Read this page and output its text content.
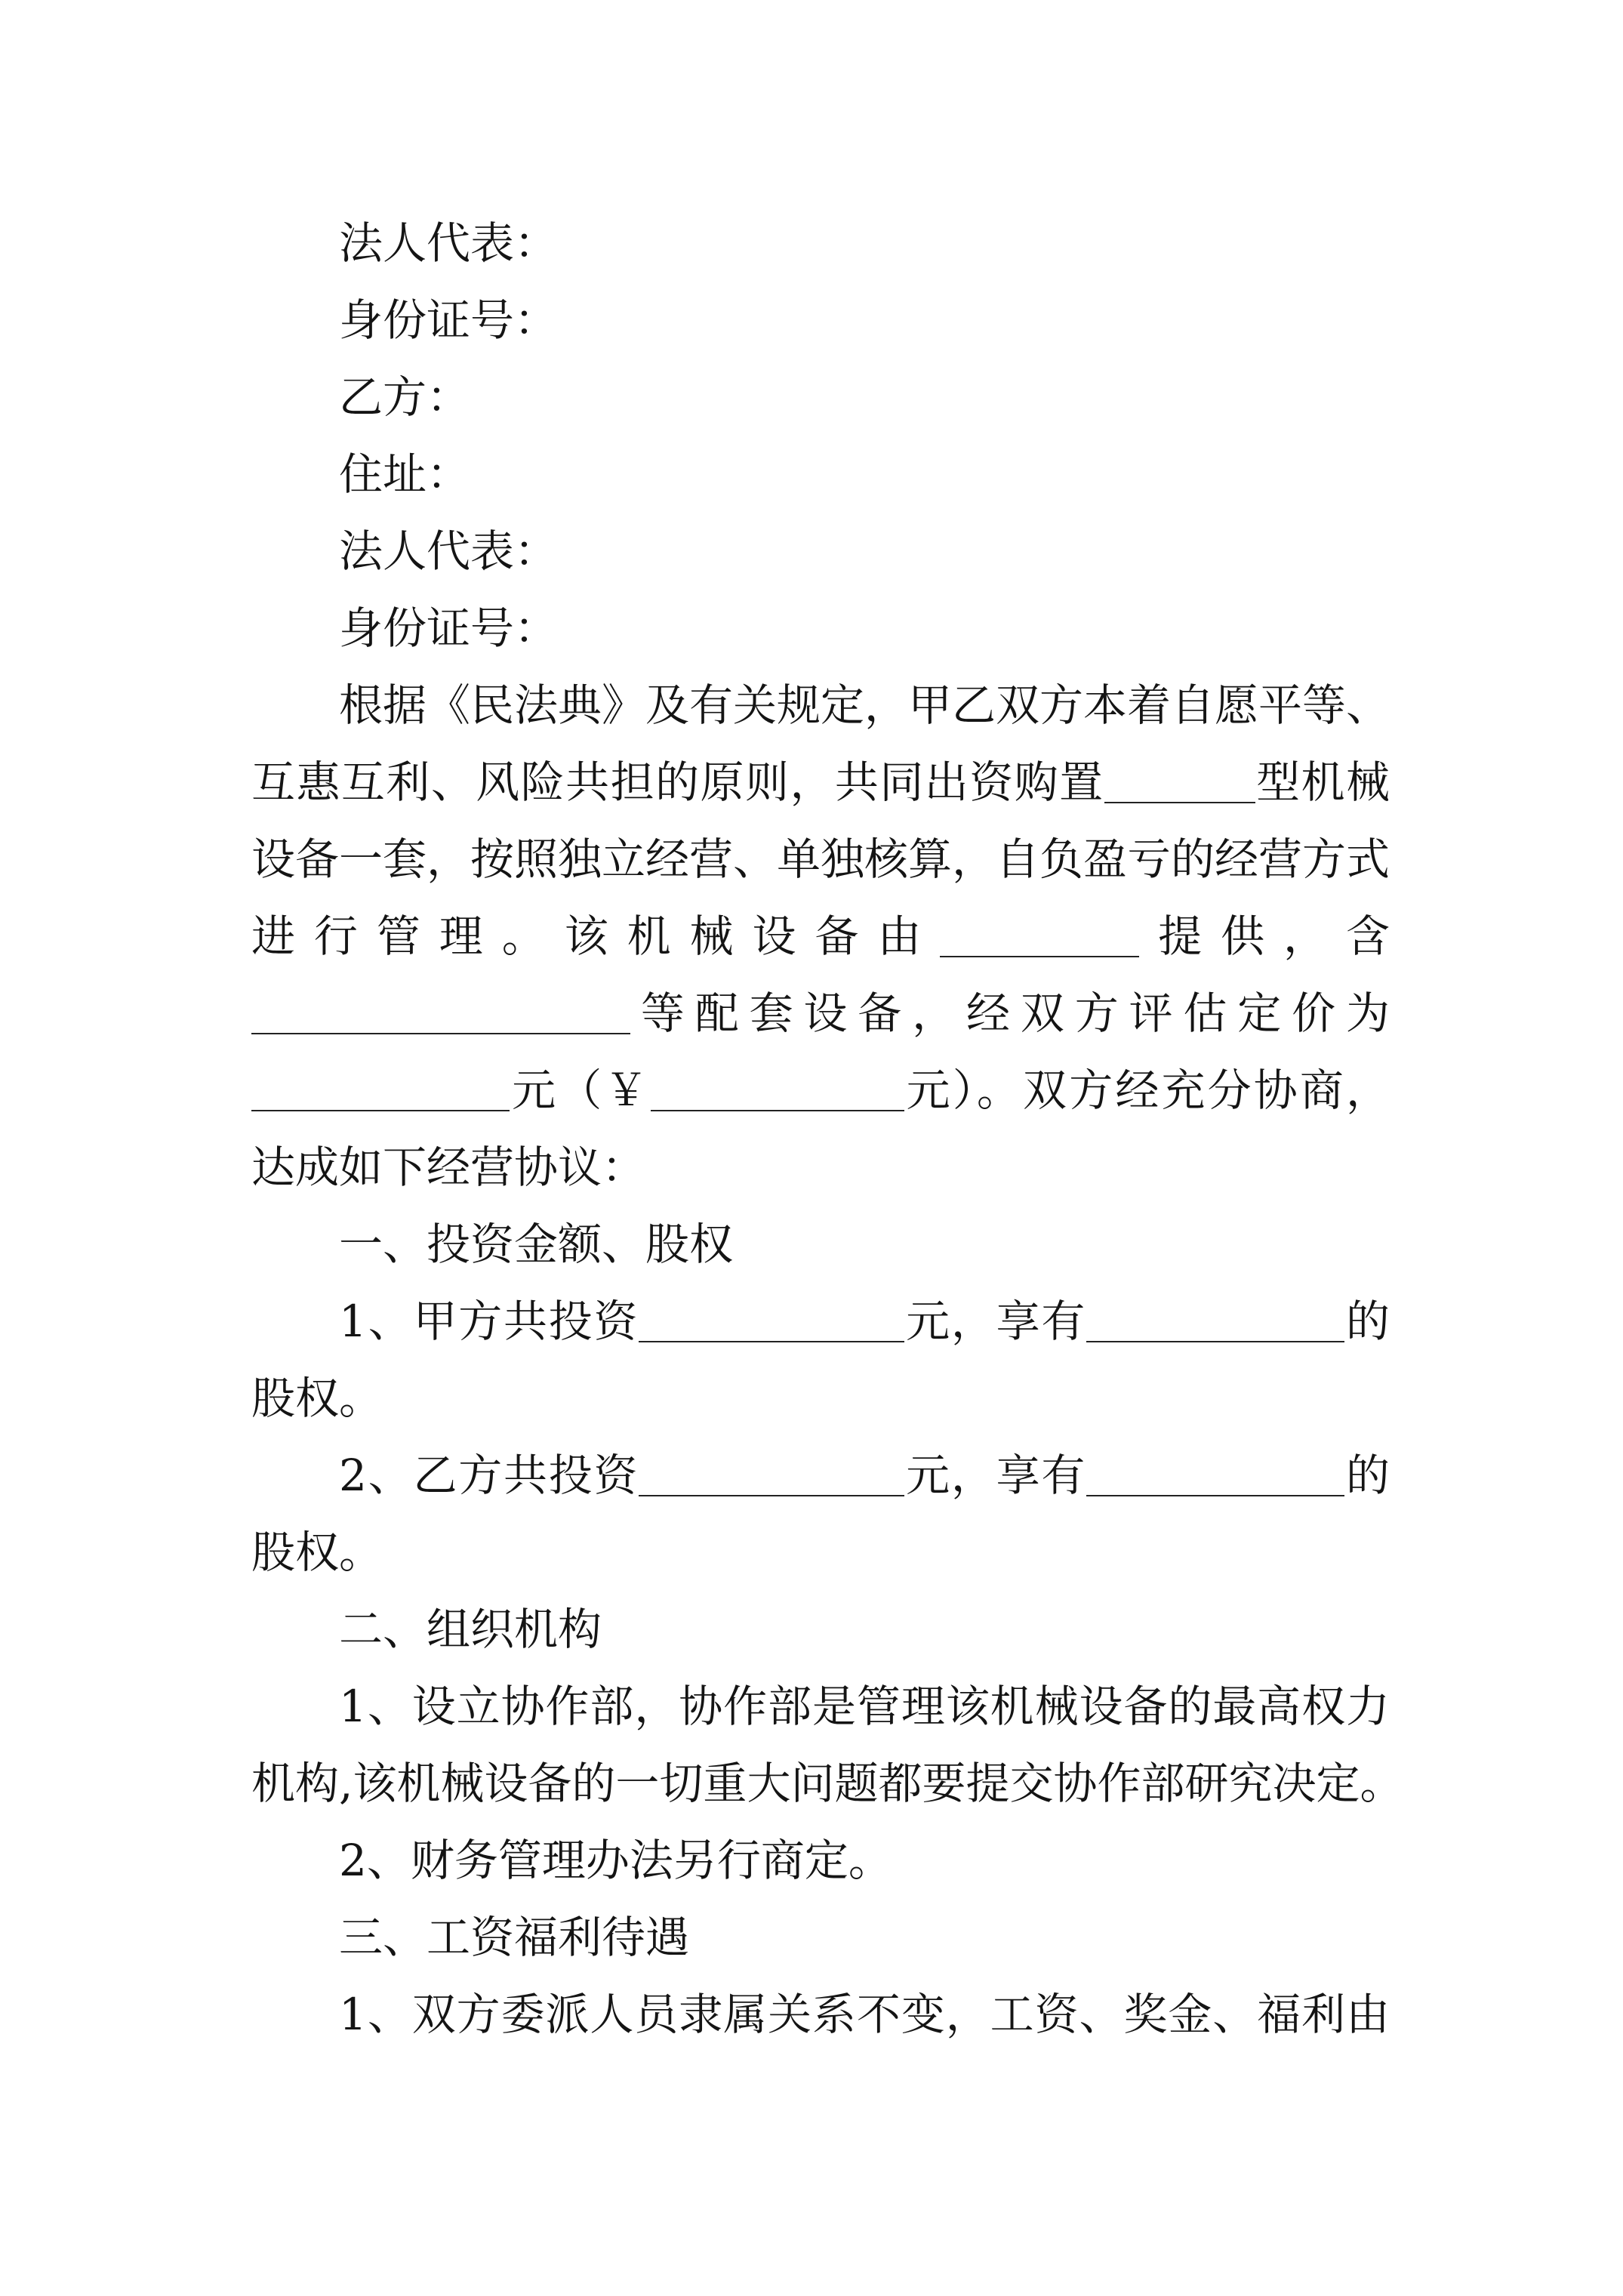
法人代表：
身份证号：
乙方：
住址：
法人代表：
身份证号：
根据《民法典》及有关规定，甲乙双方本着自愿平等、
互惠互利、风险共担的原则，共同出资购置	型机械
设备一套，按照独立经营、单独核算，自负盈亏的经营方式
进行管理。该机械设备由	提供，含
等配套设备，经双方评估定价为
元（￥	元）。双方经充分协商，
达成如下经营协议：
一、投资金额、股权
1、甲方共投资	元，享有	的
股权。
2、乙方共投资	元，享有	的
股权。
二、组织机构
1、设立协作部，协作部是管理该机械设备的最高权力
机构,该机械设备的一切重大问题都要提交协作部研究决定。
2、财务管理办法另行商定。
三、工资福利待遇
1、双方委派人员隶属关系不变，工资、奖金、福利由
